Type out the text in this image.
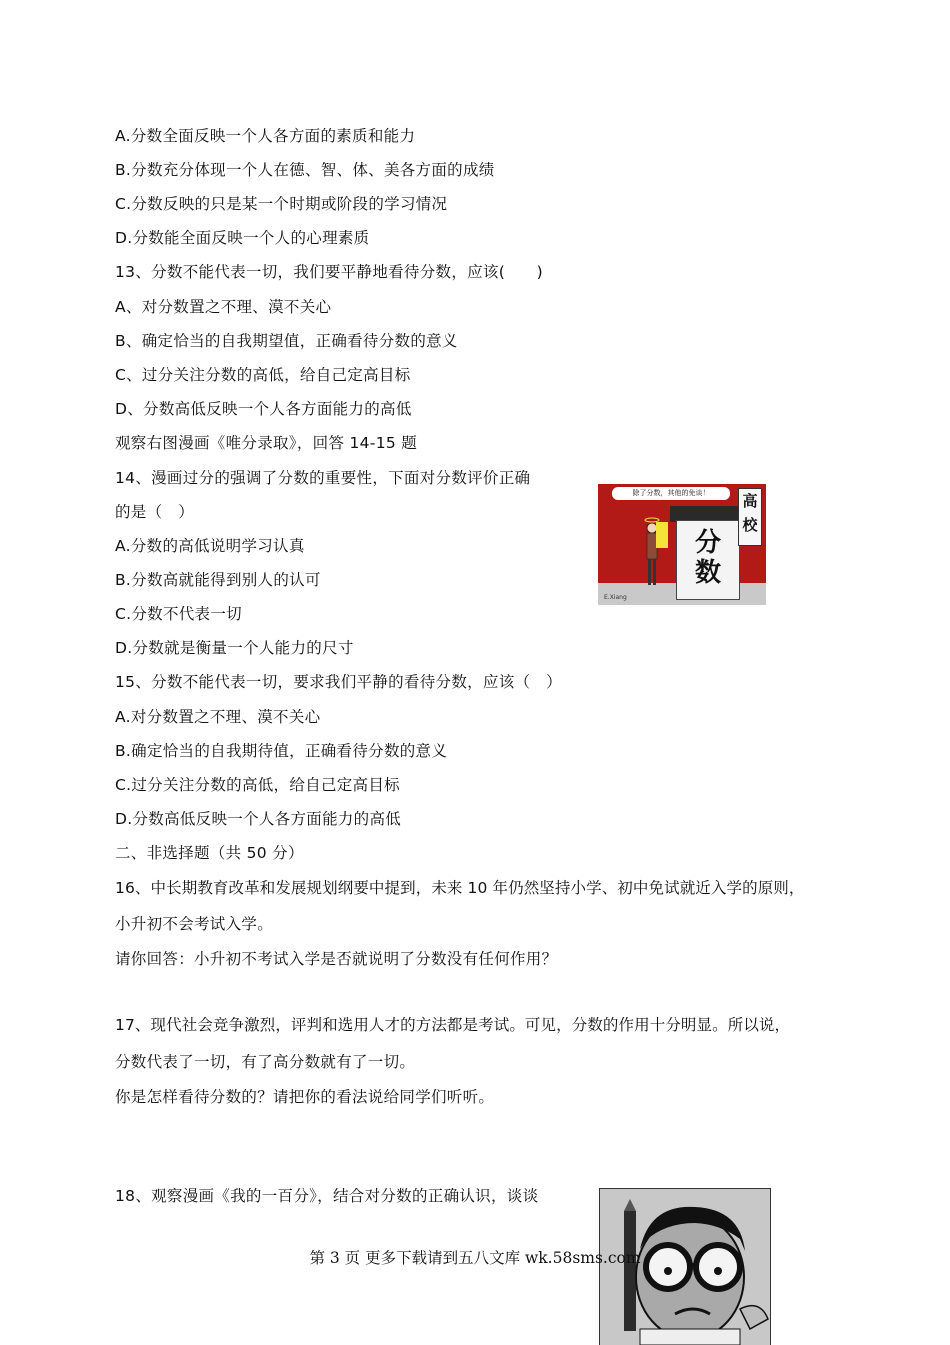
A.分数全面反映一个人各方面的素质和能力
B.分数充分体现一个人在德、智、体、美各方面的成绩
C.分数反映的只是某一个时期或阶段的学习情况
D.分数能全面反映一个人的心理素质
13、分数不能代表一切，我们要平静地看待分数，应该(　　)
A、对分数置之不理、漠不关心
B、确定恰当的自我期望值，正确看待分数的意义
C、过分关注分数的高低，给自己定高目标
D、分数高低反映一个人各方面能力的高低
观察右图漫画《唯分录取》，回答 14-15 题
14、漫画过分的强调了分数的重要性，下面对分数评价正确
的是（　）
A.分数的高低说明学习认真
B.分数高就能得到别人的认可
C.分数不代表一切
D.分数就是衡量一个人能力的尺寸
15、分数不能代表一切，要求我们平静的看待分数，应该（　）
A.对分数置之不理、漠不关心
B.确定恰当的自我期待值，正确看待分数的意义
C.过分关注分数的高低，给自己定高目标
D.分数高低反映一个人各方面能力的高低
二、非选择题（共 50 分）
16、中长期教育改革和发展规划纲要中提到，未来 10 年仍然坚持小学、初中免试就近入学的原则，
小升初不会考试入学。
请你回答：小升初不考试入学是否就说明了分数没有任何作用？
17、现代社会竞争激烈，评判和选用人才的方法都是考试。可见，分数的作用十分明显。所以说，
分数代表了一切，有了高分数就有了一切。
你是怎样看待分数的？请把你的看法说给同学们听听。
18、观察漫画《我的一百分》，结合对分数的正确认识，谈谈
除了分数，其他的免谈！
分数
高校
E.Xiang
第 3 页 更多下载请到五八文库 wk.58sms.com
